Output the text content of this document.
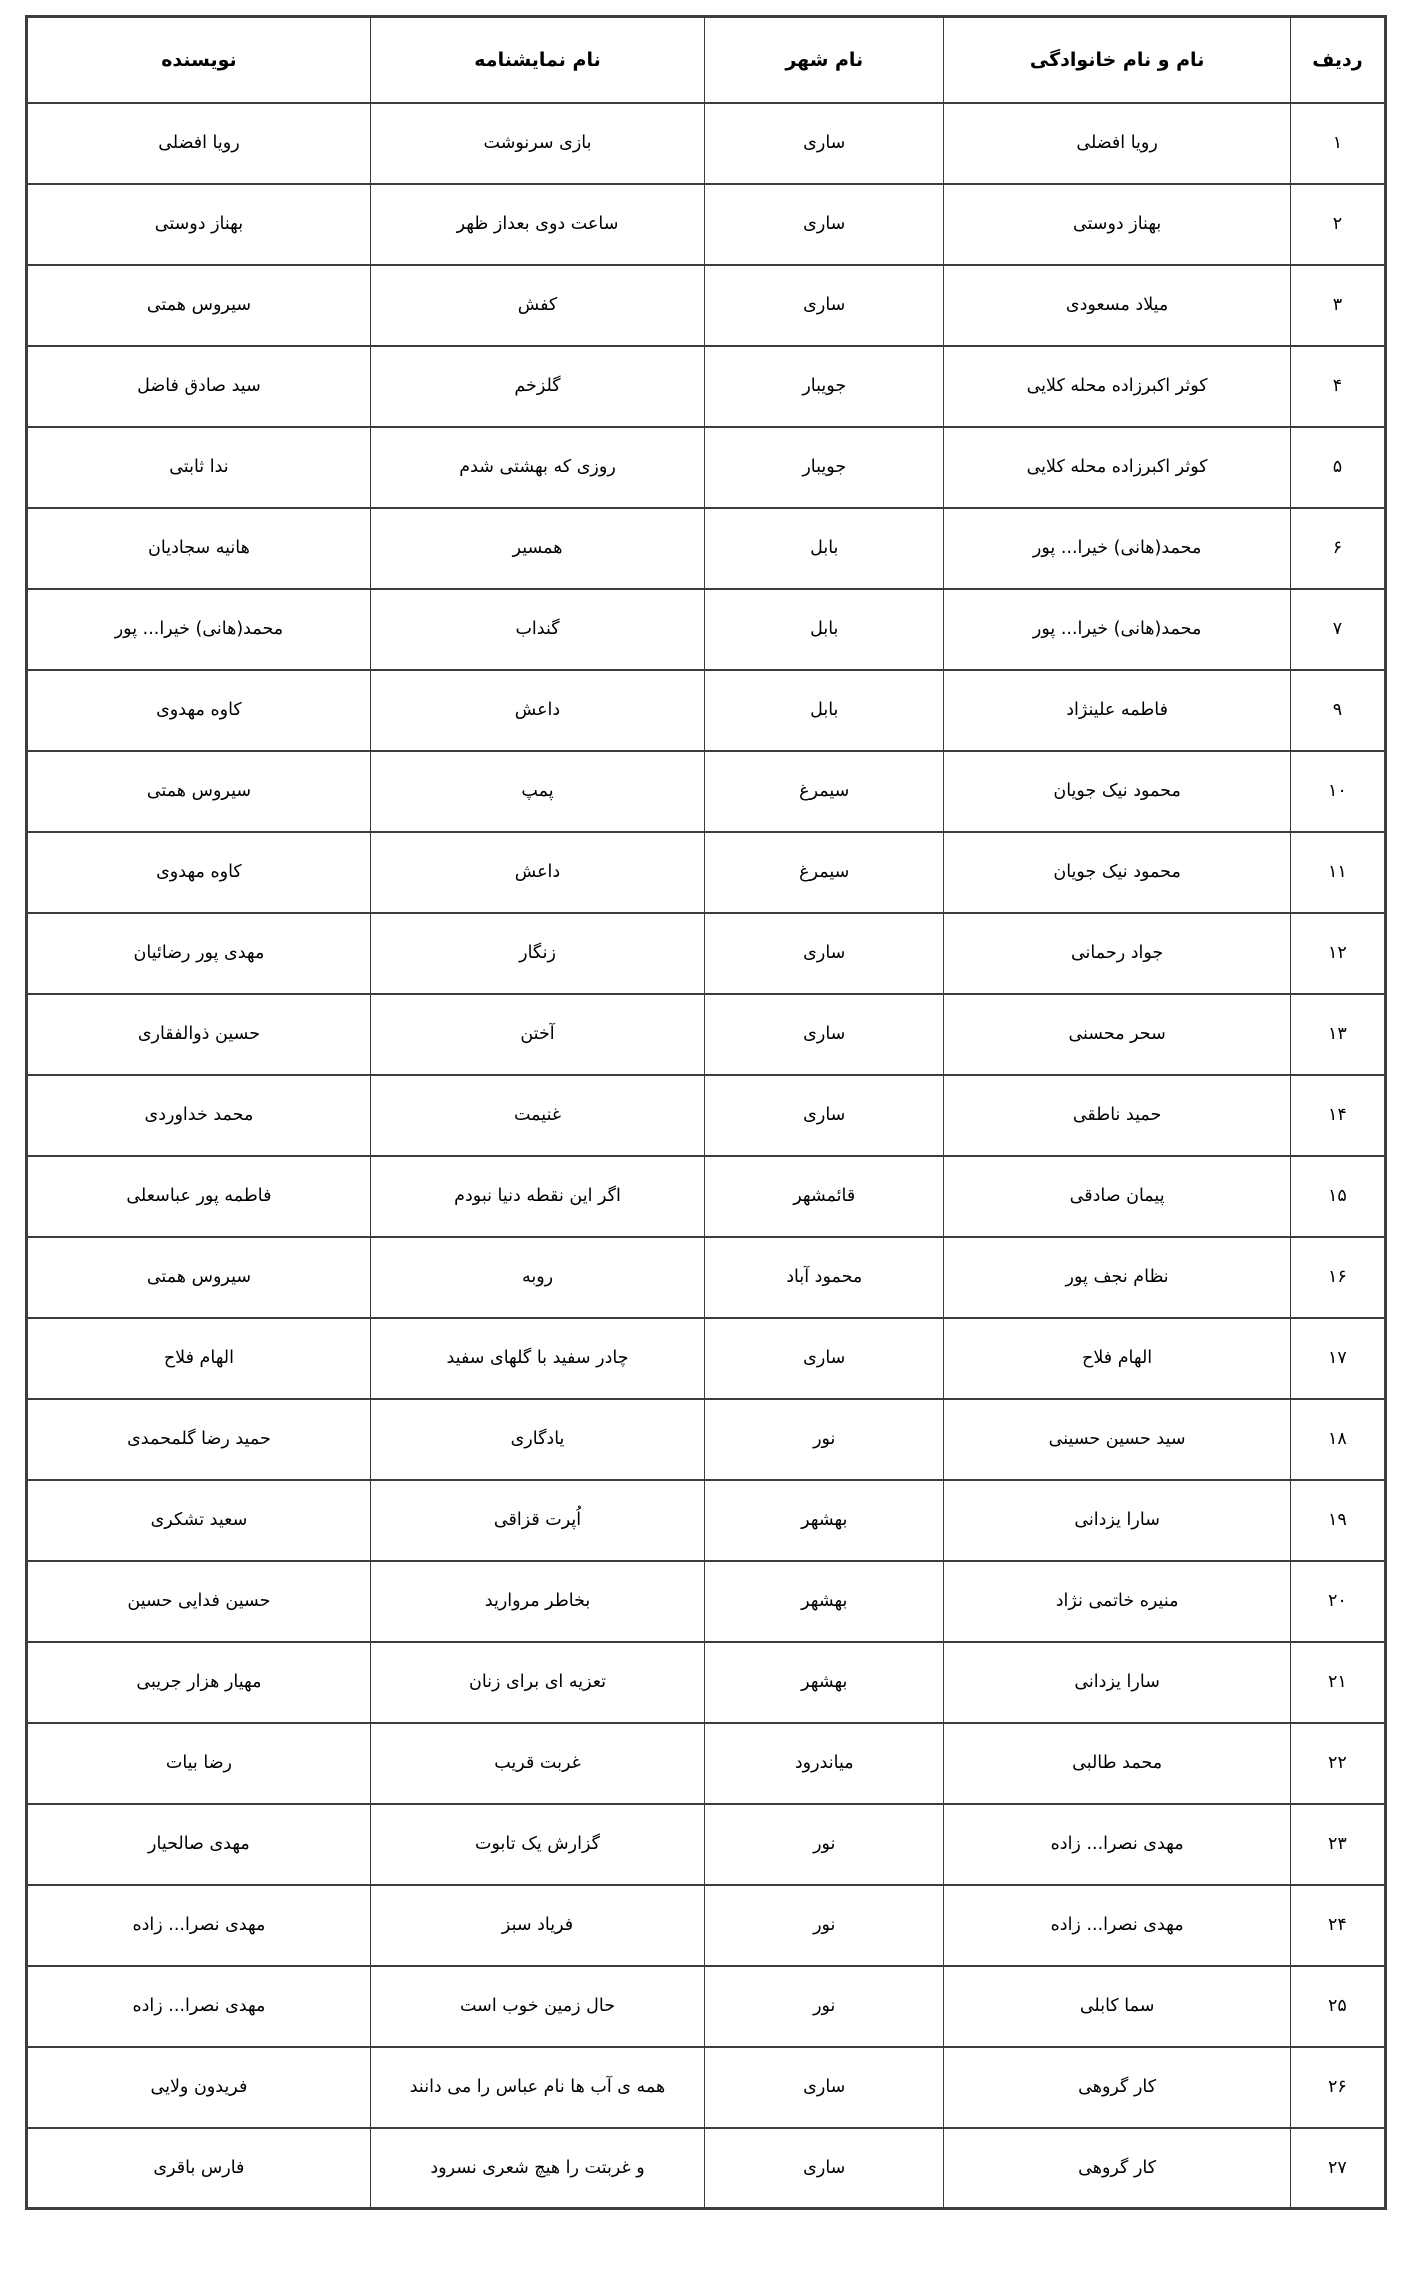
ردیف	نام و نام خانوادگی	نام شهر	نام نمایشنامه	نویسنده
۱	رویا افضلی	ساری	بازی سرنوشت	رویا افضلی
۲	بهناز دوستی	ساری	ساعت دوی بعداز ظهر	بهناز دوستی
۳	میلاد مسعودی	ساری	کفش	سیروس همتی
۴	کوثر اکبرزاده محله کلایی	جویبار	گلزخم	سید صادق فاضل
۵	کوثر اکبرزاده محله کلایی	جویبار	روزی که بهشتی شدم	ندا ثابتی
۶	محمد(هانی) خیرا... پور	بابل	همسیر	هانیه سجادیان
۷	محمد(هانی) خیرا... پور	بابل	گنداب	محمد(هانی) خیرا... پور
۹	فاطمه علینژاد	بابل	داعش	کاوه مهدوی
۱۰	محمود نیک جویان	سیمرغ	پمپ	سیروس همتی
۱۱	محمود نیک جویان	سیمرغ	داعش	کاوه مهدوی
۱۲	جواد رحمانی	ساری	زنگار	مهدی پور رضائیان
۱۳	سحر محسنی	ساری	آختن	حسین ذوالفقاری
۱۴	حمید ناطقی	ساری	غنیمت	محمد خداوردی
۱۵	پیمان صادقی	قائمشهر	اگر این نقطه دنیا نبودم	فاطمه پور عباسعلی
۱۶	نظام نجف پور	محمود آباد	روبه	سیروس همتی
۱۷	الهام فلاح	ساری	چادر سفید با گلهای سفید	الهام فلاح
۱۸	سید حسین حسینی	نور	یادگاری	حمید رضا گلمحمدی
۱۹	سارا یزدانی	بهشهر	اُپرت قزاقی	سعید تشکری
۲۰	منیره خاتمی نژاد	بهشهر	بخاطر مروارید	حسین فدایی حسین
۲۱	سارا یزدانی	بهشهر	تعزیه ای برای زنان	مهیار هزار جریبی
۲۲	محمد طالبی	میاندرود	غربت قریب	رضا بیات
۲۳	مهدی نصرا... زاده	نور	گزارش یک تابوت	مهدی صالحیار
۲۴	مهدی نصرا... زاده	نور	فریاد سبز	مهدی نصرا... زاده
۲۵	سما کابلی	نور	حال زمین خوب است	مهدی نصرا... زاده
۲۶	کار گروهی	ساری	همه ی آب ها نام عباس را می دانند	فریدون ولایی
۲۷	کار گروهی	ساری	و غربتت را هیچ شعری نسرود	فارس باقری
